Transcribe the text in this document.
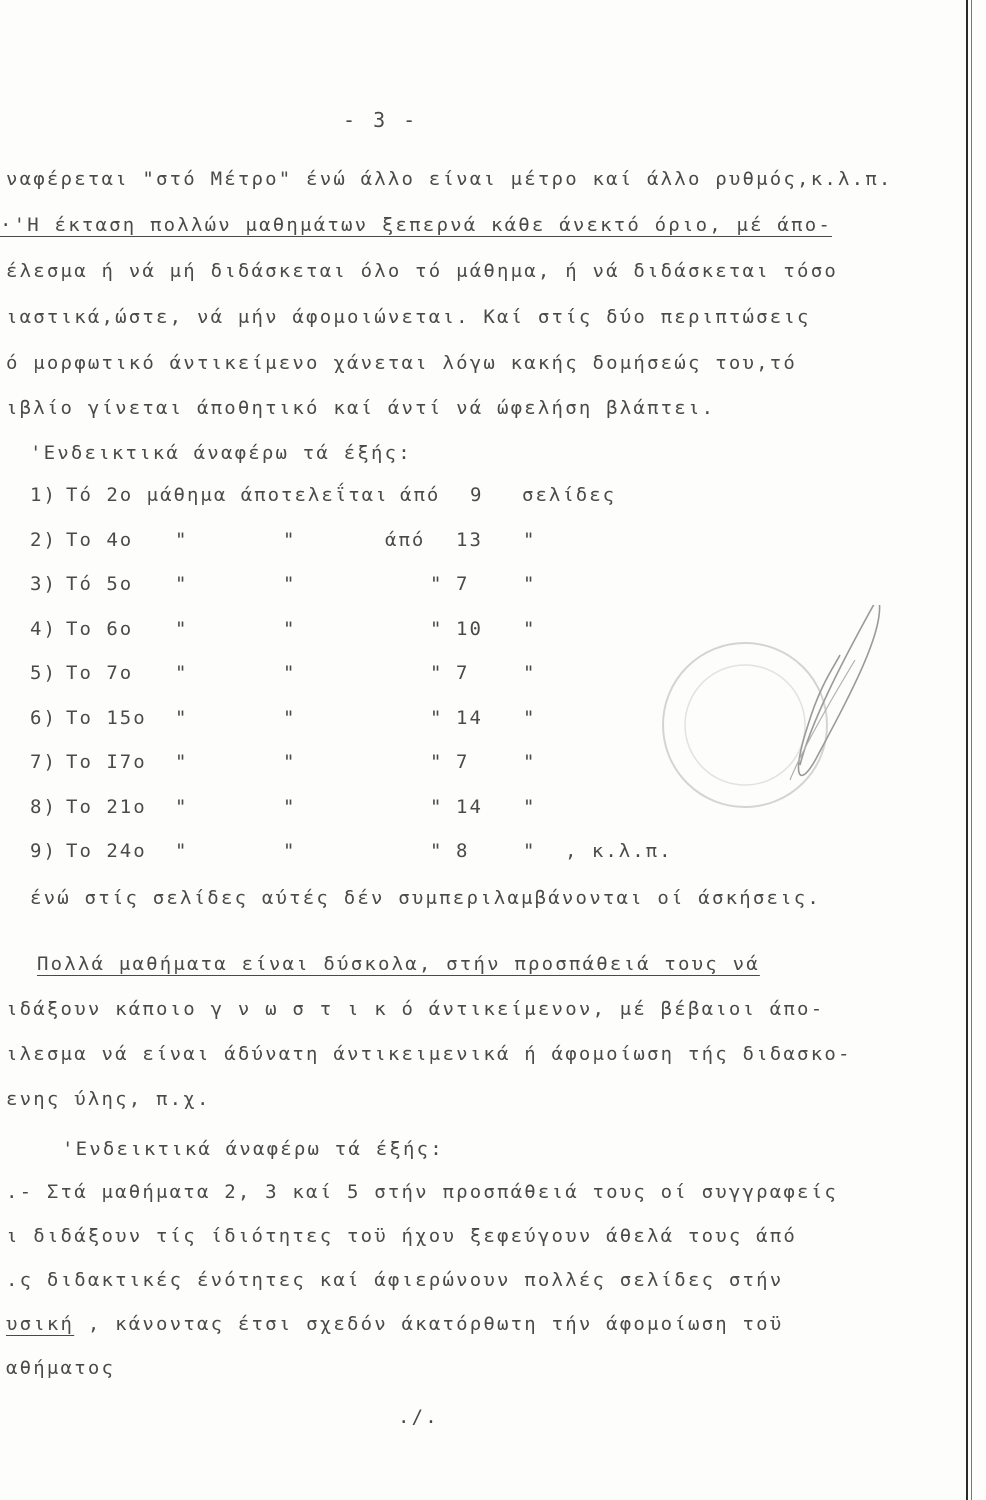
- 3 -
ναφέρεται "στό Μέτρο" ένώ άλλο είναι μέτρο καί άλλο ρυθμός,κ.λ.π.
·'Η έκταση πολλών μαθημάτων ξεπερνά κάθε άνεκτό όριο, μέ άπο-
έλεσμα ή νά μή διδάσκεται όλο τό μάθημα, ή νά διδάσκεται τόσο
ιαστικά,ώστε, νά μήν άφομοιώνεται. Καί στίς δύο περιπτώσεις
ό μορφωτικό άντικείμενο χάνεται λόγω κακής δομήσεώς του,τό
ιβλίο γίνεται άποθητικό καί άντί νά ώφελήση βλάπτει.
'Ενδεικτικά άναφέρω τά έξής:
1) Τό 2ο μάθημα άποτελεΐται άπό 9 σελίδες
2) Το 4ο "	"	άπό 13 "
3) Τό 5ο "	"	" 7	"
4) Το 6ο "	"	" 10 "
5) Το 7ο "	"	" 7	"
6) Το 15ο "	"	" 14 "
7) Το Ι7ο "	"	" 7	"
8) Το 21ο "	"	" 14 "
9) Το 24ο "	"	" 8	" , κ.λ.π.
ένώ στίς σελίδες αύτές δέν συμπεριλαμβάνονται οί άσκήσεις.
Πολλά μαθήματα είναι δύσκολα, στήν προσπάθειά τους νά
ιδάξουν κάποιο γ ν ω σ τ ι κ ό άντικείμενον, μέ βέβαιοι άπο-
ιλεσμα νά είναι άδύνατη άντικειμενικά ή άφομοίωση τής διδασκο-
ενης ύλης, π.χ.
'Ενδεικτικά άναφέρω τά έξής:
.- Στά μαθήματα 2, 3 καί 5 στήν προσπάθειά τους οί συγγραφείς
ι διδάξουν τίς ίδιότητες τοϋ ήχου ξεφεύγουν άθελά τους άπό
.ς διδακτικές ένότητες καί άφιερώνουν πολλές σελίδες στήν
υσική , κάνοντας έτσι σχεδόν άκατόρθωτη τήν άφομοίωση τοϋ
αθήματος
./.
